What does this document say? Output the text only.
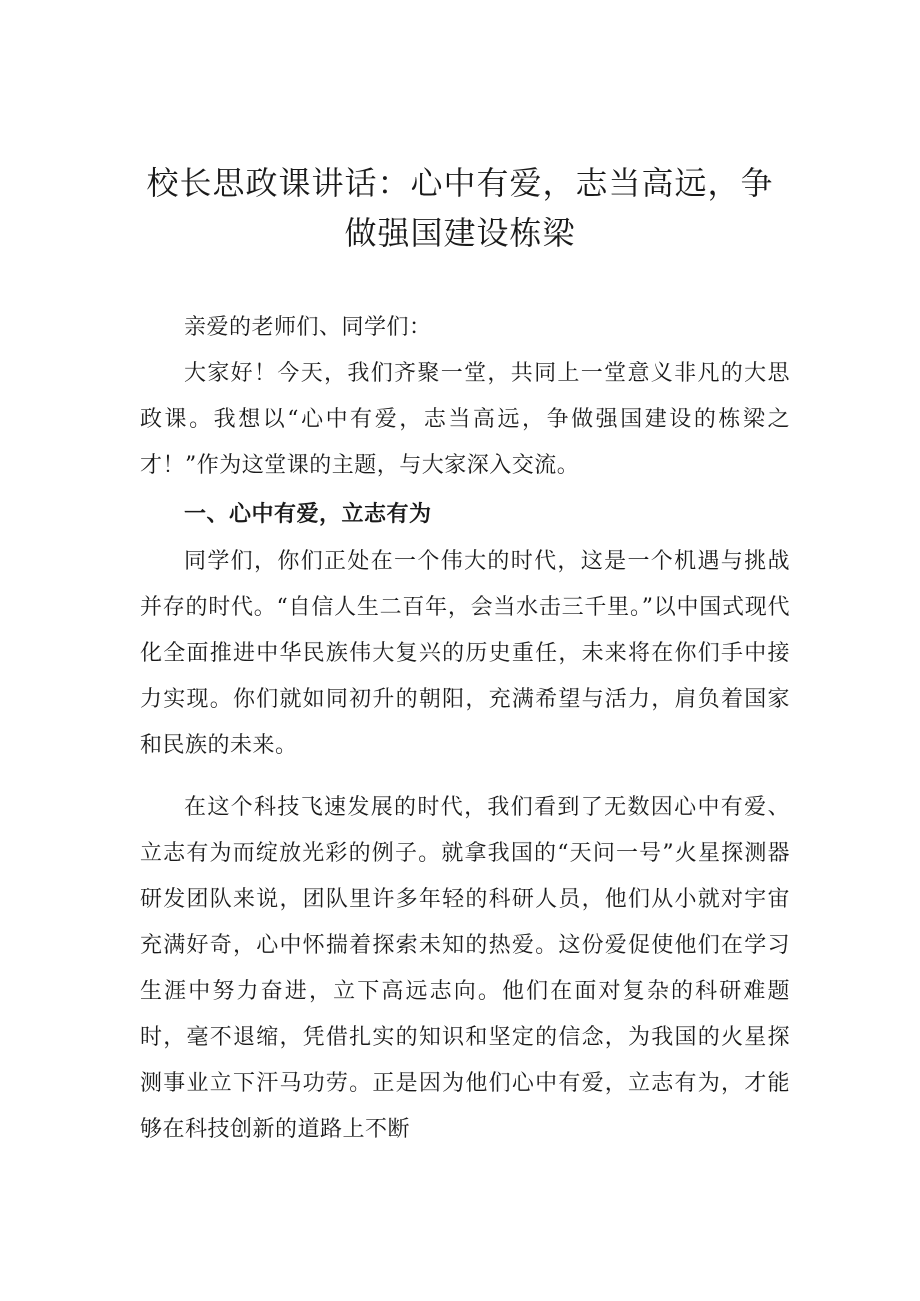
校长思政课讲话：心中有爱，志当高远，争
做强国建设栋梁

亲爱的老师们、同学们：

大家好！今天，我们齐聚一堂，共同上一堂意义非凡的大思政课。我想以“心中有爱，志当高远，争做强国建设的栋梁之才！”作为这堂课的主题，与大家深入交流。

一、心中有爱，立志有为

同学们，你们正处在一个伟大的时代，这是一个机遇与挑战并存的时代。“自信人生二百年，会当水击三千里。”以中国式现代化全面推进中华民族伟大复兴的历史重任，未来将在你们手中接力实现。你们就如同初升的朝阳，充满希望与活力，肩负着国家和民族的未来。

在这个科技飞速发展的时代，我们看到了无数因心中有爱、立志有为而绽放光彩的例子。就拿我国的“天问一号”火星探测器研发团队来说，团队里许多年轻的科研人员，他们从小就对宇宙充满好奇，心中怀揣着探索未知的热爱。这份爱促使他们在学习生涯中努力奋进，立下高远志向。他们在面对复杂的科研难题时，毫不退缩，凭借扎实的知识和坚定的信念，为我国的火星探测事业立下汗马功劳。正是因为他们心中有爱，立志有为，才能够在科技创新的道路上不断
